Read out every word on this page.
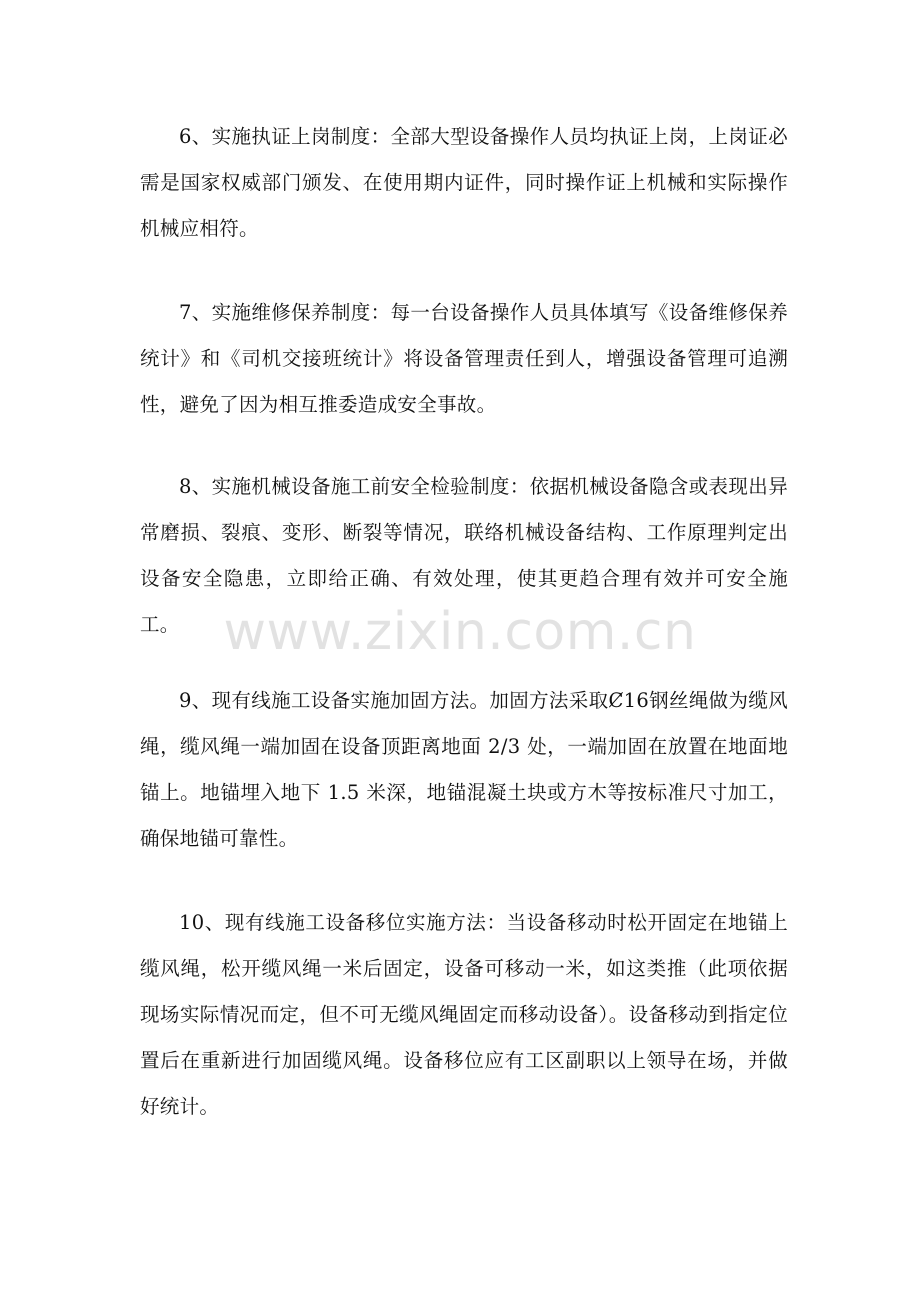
6、实施执证上岗制度：全部大型设备操作人员均执证上岗，上岗证必需是国家权威部门颁发、在使用期内证件，同时操作证上机械和实际操作机械应相符。

7、实施维修保养制度：每一台设备操作人员具体填写《设备维修保养统计》和《司机交接班统计》将设备管理责任到人，增强设备管理可追溯性，避免了因为相互推委造成安全事故。

8、实施机械设备施工前安全检验制度：依据机械设备隐含或表现出异常磨损、裂痕、变形、断裂等情况，联络机械设备结构、工作原理判定出设备安全隐患，立即给正确、有效处理，使其更趋合理有效并可安全施工。

9、现有线施工设备实施加固方法。加固方法采取Ȼ16钢丝绳做为缆风绳，缆风绳一端加固在设备顶距离地面 2/3 处，一端加固在放置在地面地锚上。地锚埋入地下 1.5 米深，地锚混凝土块或方木等按标准尺寸加工，确保地锚可靠性。

10、现有线施工设备移位实施方法：当设备移动时松开固定在地锚上缆风绳，松开缆风绳一米后固定，设备可移动一米，如这类推（此项依据现场实际情况而定，但不可无缆风绳固定而移动设备）。设备移动到指定位置后在重新进行加固缆风绳。设备移位应有工区副职以上领导在场，并做好统计。

www.zixin.com.cn
